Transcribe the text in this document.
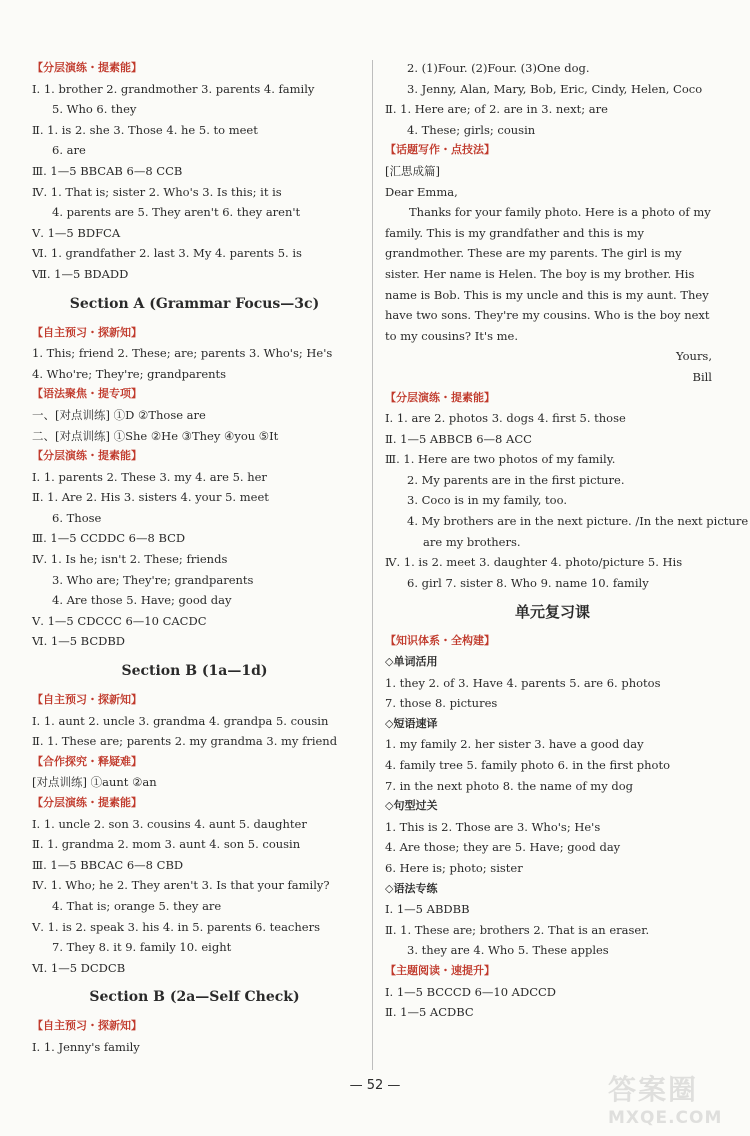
【分层演练・提素能】
Ⅰ. 1. brother 2. grandmother 3. parents 4. family
5. Who 6. they
Ⅱ. 1. is 2. she 3. Those 4. he 5. to meet
6. are
Ⅲ. 1—5 BBCAB 6—8 CCB
Ⅳ. 1. That is; sister 2. Who's 3. Is this; it is
4. parents are 5. They aren't 6. they aren't
Ⅴ. 1—5 BDFCA
Ⅵ. 1. grandfather 2. last 3. My 4. parents 5. is
Ⅶ. 1—5 BDADD
Section A (Grammar Focus—3c)
【自主预习・探新知】
1. This; friend 2. These; are; parents 3. Who's; He's
4. Who're; They're; grandparents
【语法聚焦・提专项】
一、[对点训练] ①D ②Those are
二、[对点训练] ①She ②He ③They ④you ⑤It
【分层演练・提素能】
Ⅰ. 1. parents 2. These 3. my 4. are 5. her
Ⅱ. 1. Are 2. His 3. sisters 4. your 5. meet
6. Those
Ⅲ. 1—5 CCDDC 6—8 BCD
Ⅳ. 1. Is he; isn't 2. These; friends
3. Who are; They're; grandparents
4. Are those 5. Have; good day
Ⅴ. 1—5 CDCCC 6—10 CACDC
Ⅵ. 1—5 BCDBD
Section B (1a—1d)
【自主预习・探新知】
Ⅰ. 1. aunt 2. uncle 3. grandma 4. grandpa 5. cousin
Ⅱ. 1. These are; parents 2. my grandma 3. my friend
【合作探究・释疑难】
[对点训练] ①aunt ②an
【分层演练・提素能】
Ⅰ. 1. uncle 2. son 3. cousins 4. aunt 5. daughter
Ⅱ. 1. grandma 2. mom 3. aunt 4. son 5. cousin
Ⅲ. 1—5 BBCAC 6—8 CBD
Ⅳ. 1. Who; he 2. They aren't 3. Is that your family?
4. That is; orange 5. they are
Ⅴ. 1. is 2. speak 3. his 4. in 5. parents 6. teachers
7. They 8. it 9. family 10. eight
Ⅵ. 1—5 DCDCB
Section B (2a—Self Check)
【自主预习・探新知】
Ⅰ. 1. Jenny's family
2. (1)Four. (2)Four. (3)One dog.
3. Jenny, Alan, Mary, Bob, Eric, Cindy, Helen, Coco
Ⅱ. 1. Here are; of 2. are in 3. next; are
4. These; girls; cousin
【话题写作・点技法】
[汇思成篇]
Dear Emma,
Thanks for your family photo. Here is a photo of my family. This is my grandfather and this is my grandmother. These are my parents. The girl is my sister. Her name is Helen. The boy is my brother. His name is Bob. This is my uncle and this is my aunt. They have two sons. They're my cousins. Who is the boy next to my cousins? It's me.
Yours,
Bill
【分层演练・提素能】
Ⅰ. 1. are 2. photos 3. dogs 4. first 5. those
Ⅱ. 1—5 ABBCB 6—8 ACC
Ⅲ. 1. Here are two photos of my family.
2. My parents are in the first picture.
3. Coco is in my family, too.
4. My brothers are in the next picture. /In the next picture
are my brothers.
Ⅳ. 1. is 2. meet 3. daughter 4. photo/picture 5. His
6. girl 7. sister 8. Who 9. name 10. family
单元复习课
【知识体系・全构建】
◇单词活用
1. they 2. of 3. Have 4. parents 5. are 6. photos
7. those 8. pictures
◇短语速译
1. my family 2. her sister 3. have a good day
4. family tree 5. family photo 6. in the first photo
7. in the next photo 8. the name of my dog
◇句型过关
1. This is 2. Those are 3. Who's; He's
4. Are those; they are 5. Have; good day
6. Here is; photo; sister
◇语法专练
Ⅰ. 1—5 ABDBB
Ⅱ. 1. These are; brothers 2. That is an eraser.
3. they are 4. Who 5. These apples
【主题阅读・速提升】
Ⅰ. 1—5 BCCCD 6—10 ADCCD
Ⅱ. 1—5 ACDBC
— 52 —	答案圈
MXQE.COM
